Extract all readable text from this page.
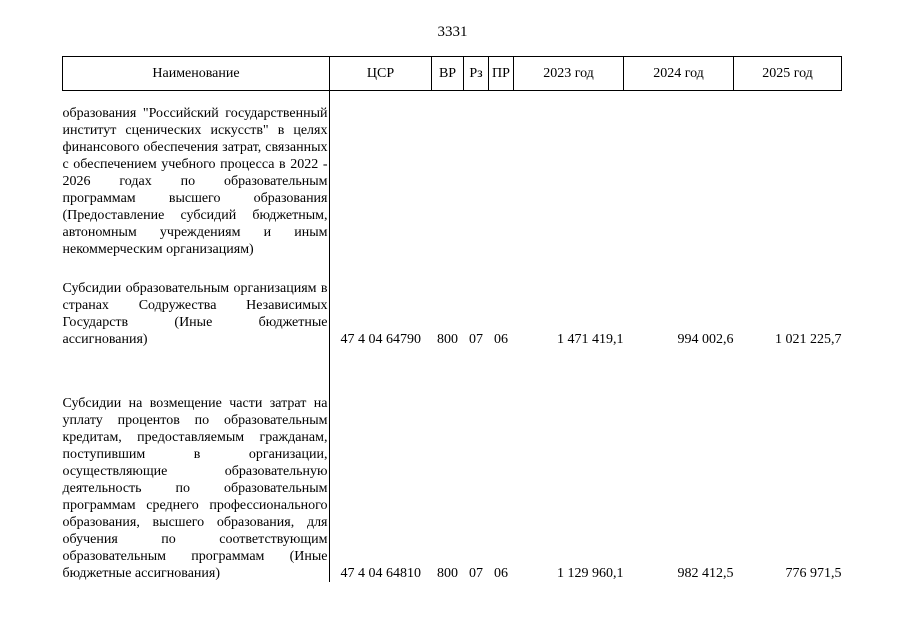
3331
Наименование	ЦСР	ВР	Рз	ПР	2023 год	2024 год	2025 год

образования "Российский государственный институт сценических искусств" в целях финансового обеспечения затрат, связанных с обеспечением учебного процесса в 2022 - 2026 годах по образовательным программам высшего образования (Предоставление субсидий бюджетным, автономным учреждениям и иным некоммерческим организациям)							

Субсидии образовательным организациям в странах Содружества Независимых Государств (Иные бюджетные ассигнования)	47 4 04 64790	800	07	06	1 471 419,1	994 002,6	1 021 225,7

Субсидии на возмещение части затрат на уплату процентов по образовательным кредитам, предоставляемым гражданам, поступившим в организации, осуществляющие образовательную деятельность по образовательным программам среднего профессионального образования, высшего образования, для обучения по соответствующим образовательным программам (Иные бюджетные ассигнования)	47 4 04 64810	800	07	06	1 129 960,1	982 412,5	776 971,5
